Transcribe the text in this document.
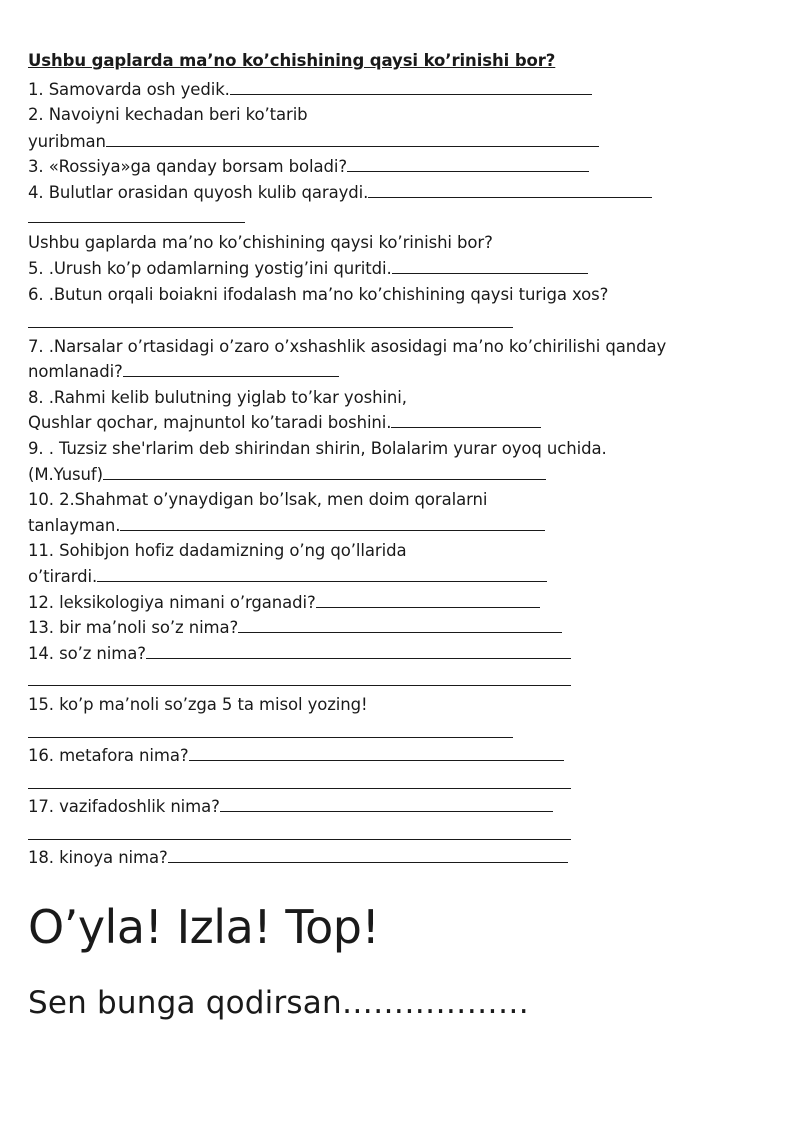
Ushbu gaplarda ma’no ko’chishining qaysi ko’rinishi bor?
1. Samovarda osh yedik.
2. Navoiyni kechadan beri ko’tarib
yuribman
3. «Rossiya»ga qanday borsam boladi?
4. Bulutlar orasidan quyosh kulib qaraydi.
Ushbu gaplarda ma’no ko’chishining qaysi ko’rinishi bor?
5. .Urush ko’p odamlarning yostig’ini quritdi.
6. .Butun orqali boiakni ifodalash ma’no ko’chishining qaysi turiga xos?
7. .Narsalar o’rtasidagi o’zaro o’xshashlik asosidagi ma’no ko’chirilishi qanday
nomlanadi?
8. .Rahmi kelib bulutning yiglab to’kar yoshini,
Qushlar qochar, majnuntol ko’taradi boshini.
9. . Tuzsiz she'rlarim deb shirindan shirin, Bolalarim yurar oyoq uchida.
(M.Yusuf)
10. 2.Shahmat o’ynaydigan bo’lsak, men doim qoralarni
tanlayman.
11. Sohibjon hofiz dadamizning o’ng qo’llarida
o’tirardi.
12. leksikologiya nimani o’rganadi?
13. bir ma’noli so’z nima?
14. so’z nima?
15. ko’p ma’noli so’zga 5 ta misol yozing!
16. metafora nima?
17. vazifadoshlik nima?
18. kinoya nima?
O’yla! Izla! Top!
Sen bunga qodirsan………………
